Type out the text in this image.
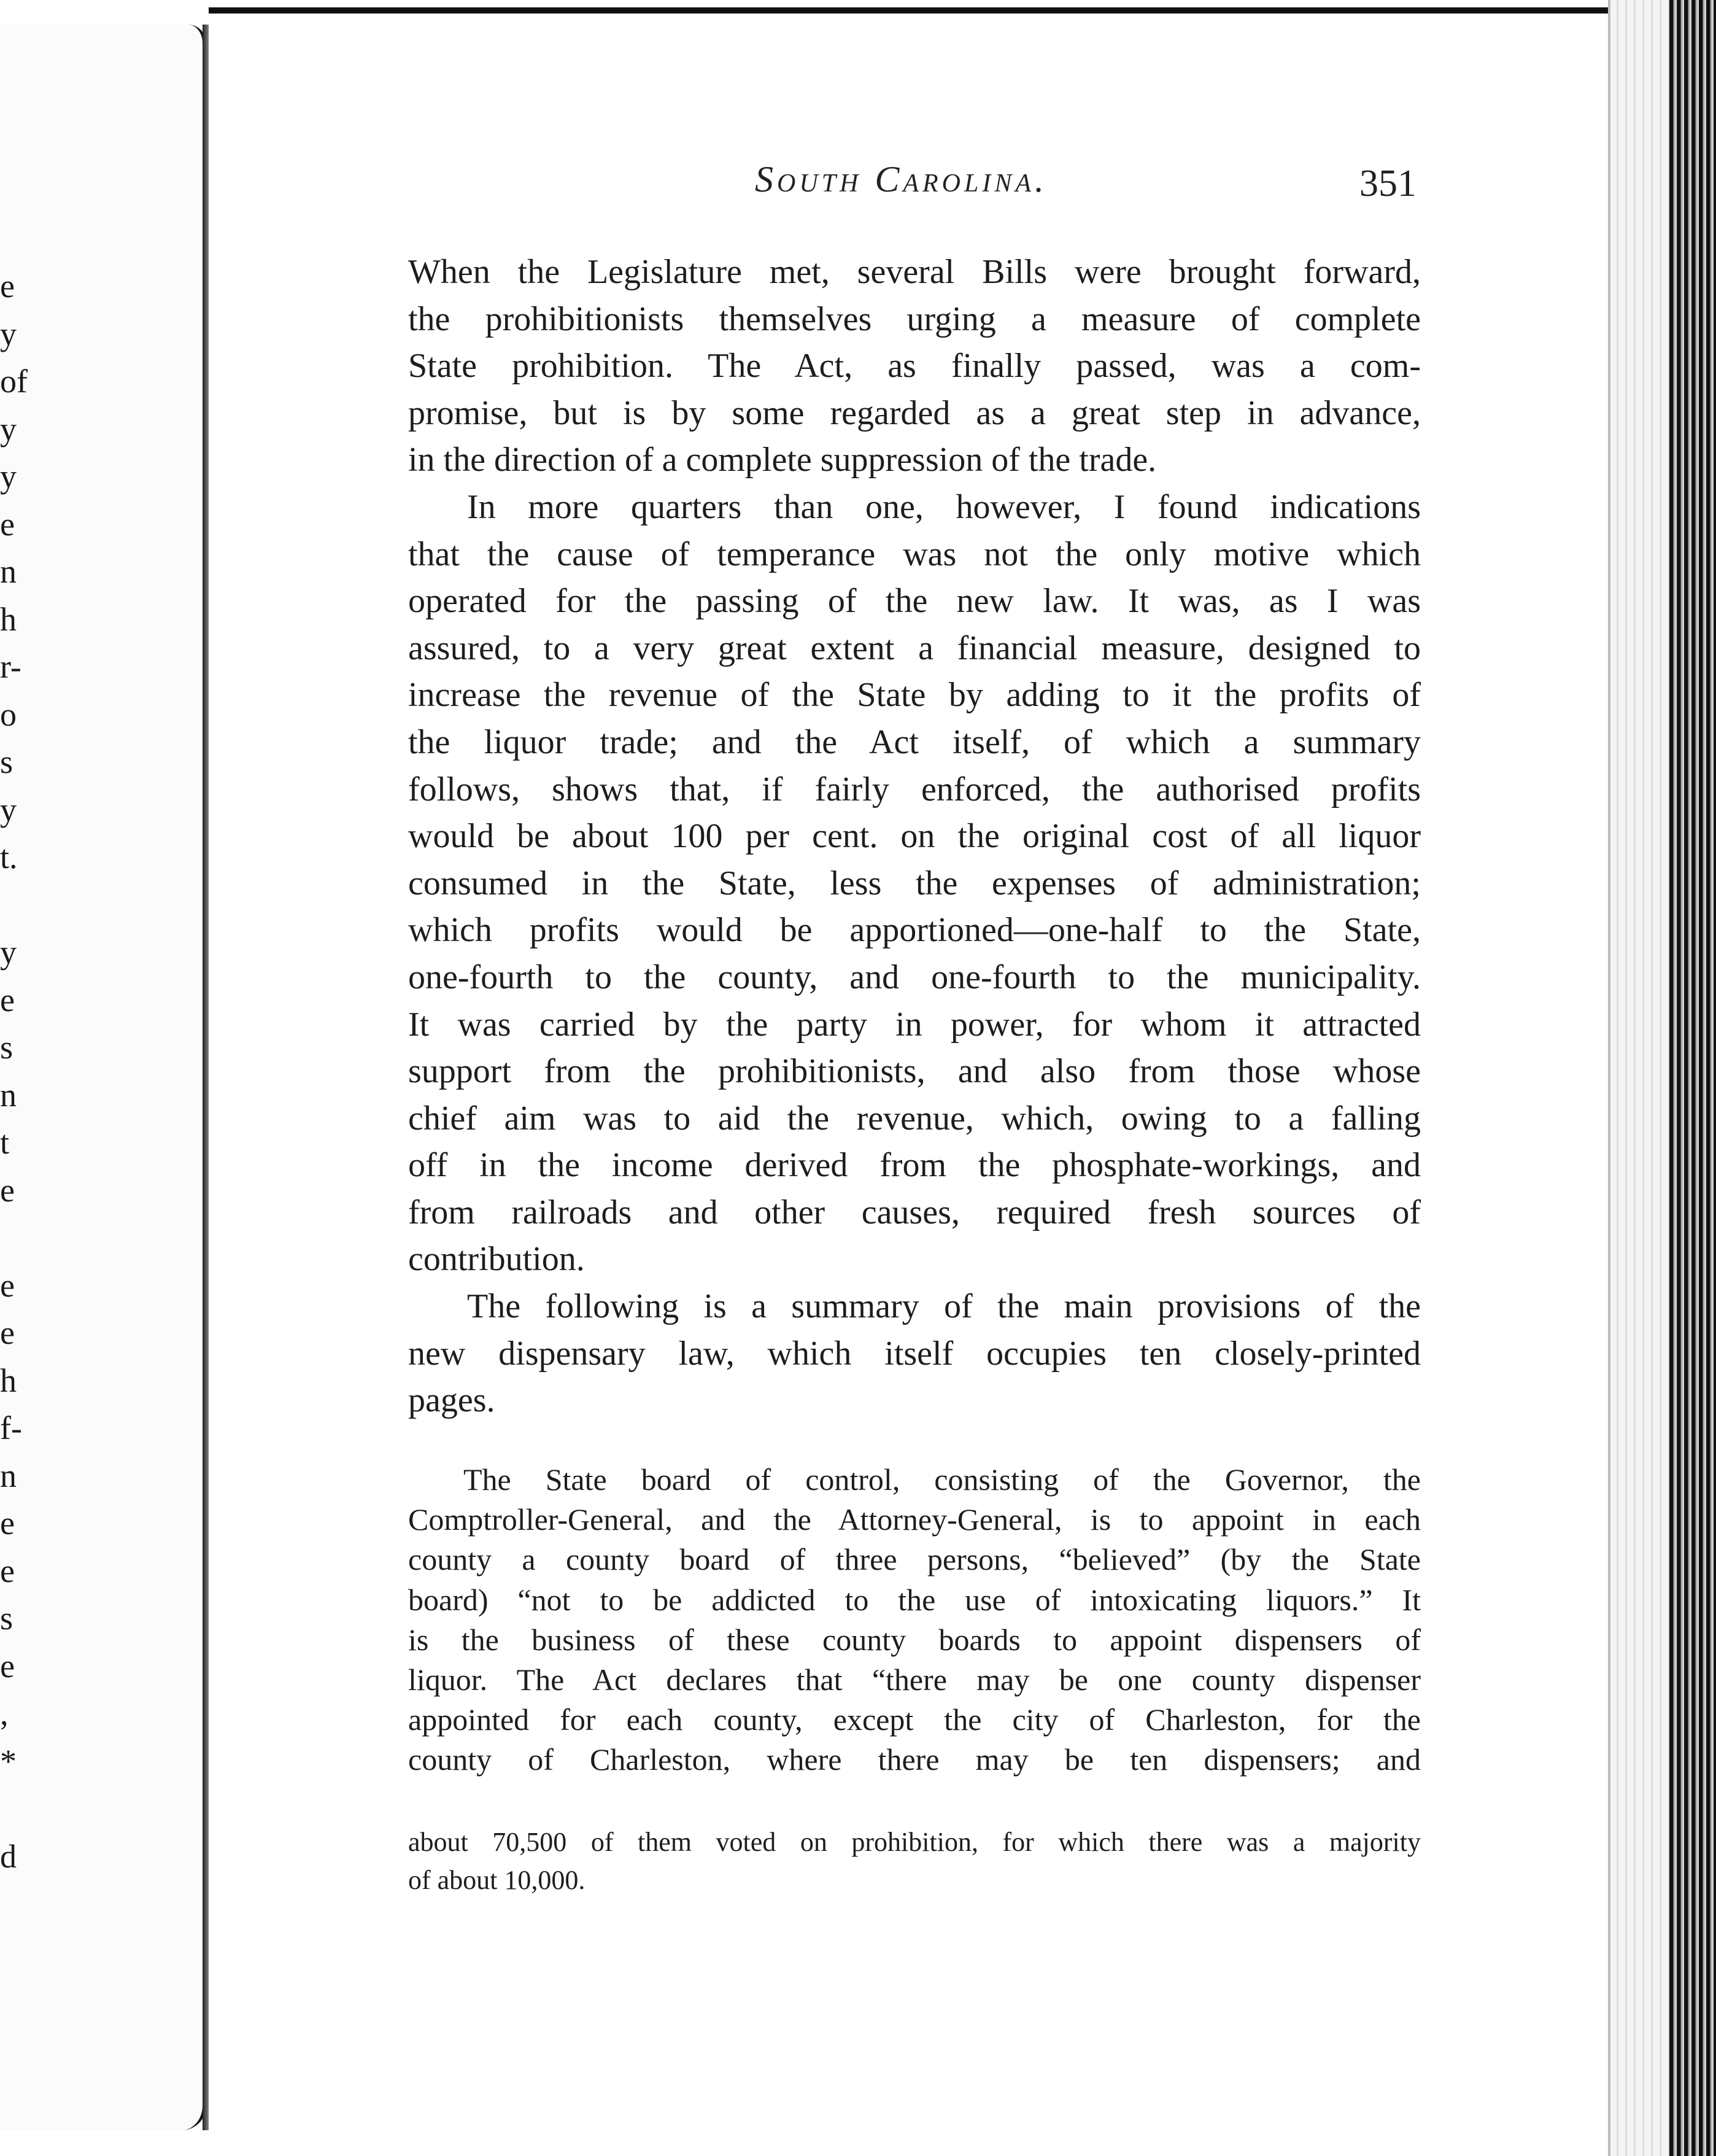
e
y
of
y
y
e
n
h
r-
o
s
y
t.
y
e
s
n
t
e
e
e
h
f-
n
e
e
s
e
,
*
d
South Carolina.	351

When the Legislature met, several Bills were brought forward,
the prohibitionists themselves urging a measure of complete
State prohibition. The Act, as finally passed, was a com-
promise, but is by some regarded as a great step in advance,
in the direction of a complete suppression of the trade.

In more quarters than one, however, I found indications
that the cause of temperance was not the only motive which
operated for the passing of the new law. It was, as I was
assured, to a very great extent a financial measure, designed to
increase the revenue of the State by adding to it the profits of
the liquor trade; and the Act itself, of which a summary
follows, shows that, if fairly enforced, the authorised profits
would be about 100 per cent. on the original cost of all liquor
consumed in the State, less the expenses of administration;
which profits would be apportioned—one-half to the State,
one-fourth to the county, and one-fourth to the municipality.
It was carried by the party in power, for whom it attracted
support from the prohibitionists, and also from those whose
chief aim was to aid the revenue, which, owing to a falling
off in the income derived from the phosphate-workings, and
from railroads and other causes, required fresh sources of
contribution.

The following is a summary of the main provisions of the
new dispensary law, which itself occupies ten closely-printed
pages.

The State board of control, consisting of the Governor, the
Comptroller-General, and the Attorney-General, is to appoint in each
county a county board of three persons, “believed” (by the State
board) “not to be addicted to the use of intoxicating liquors.” It
is the business of these county boards to appoint dispensers of
liquor. The Act declares that “there may be one county dispenser
appointed for each county, except the city of Charleston, for the
county of Charleston, where there may be ten dispensers; and
about 70,500 of them voted on prohibition, for which there was a majority
of about 10,000.
